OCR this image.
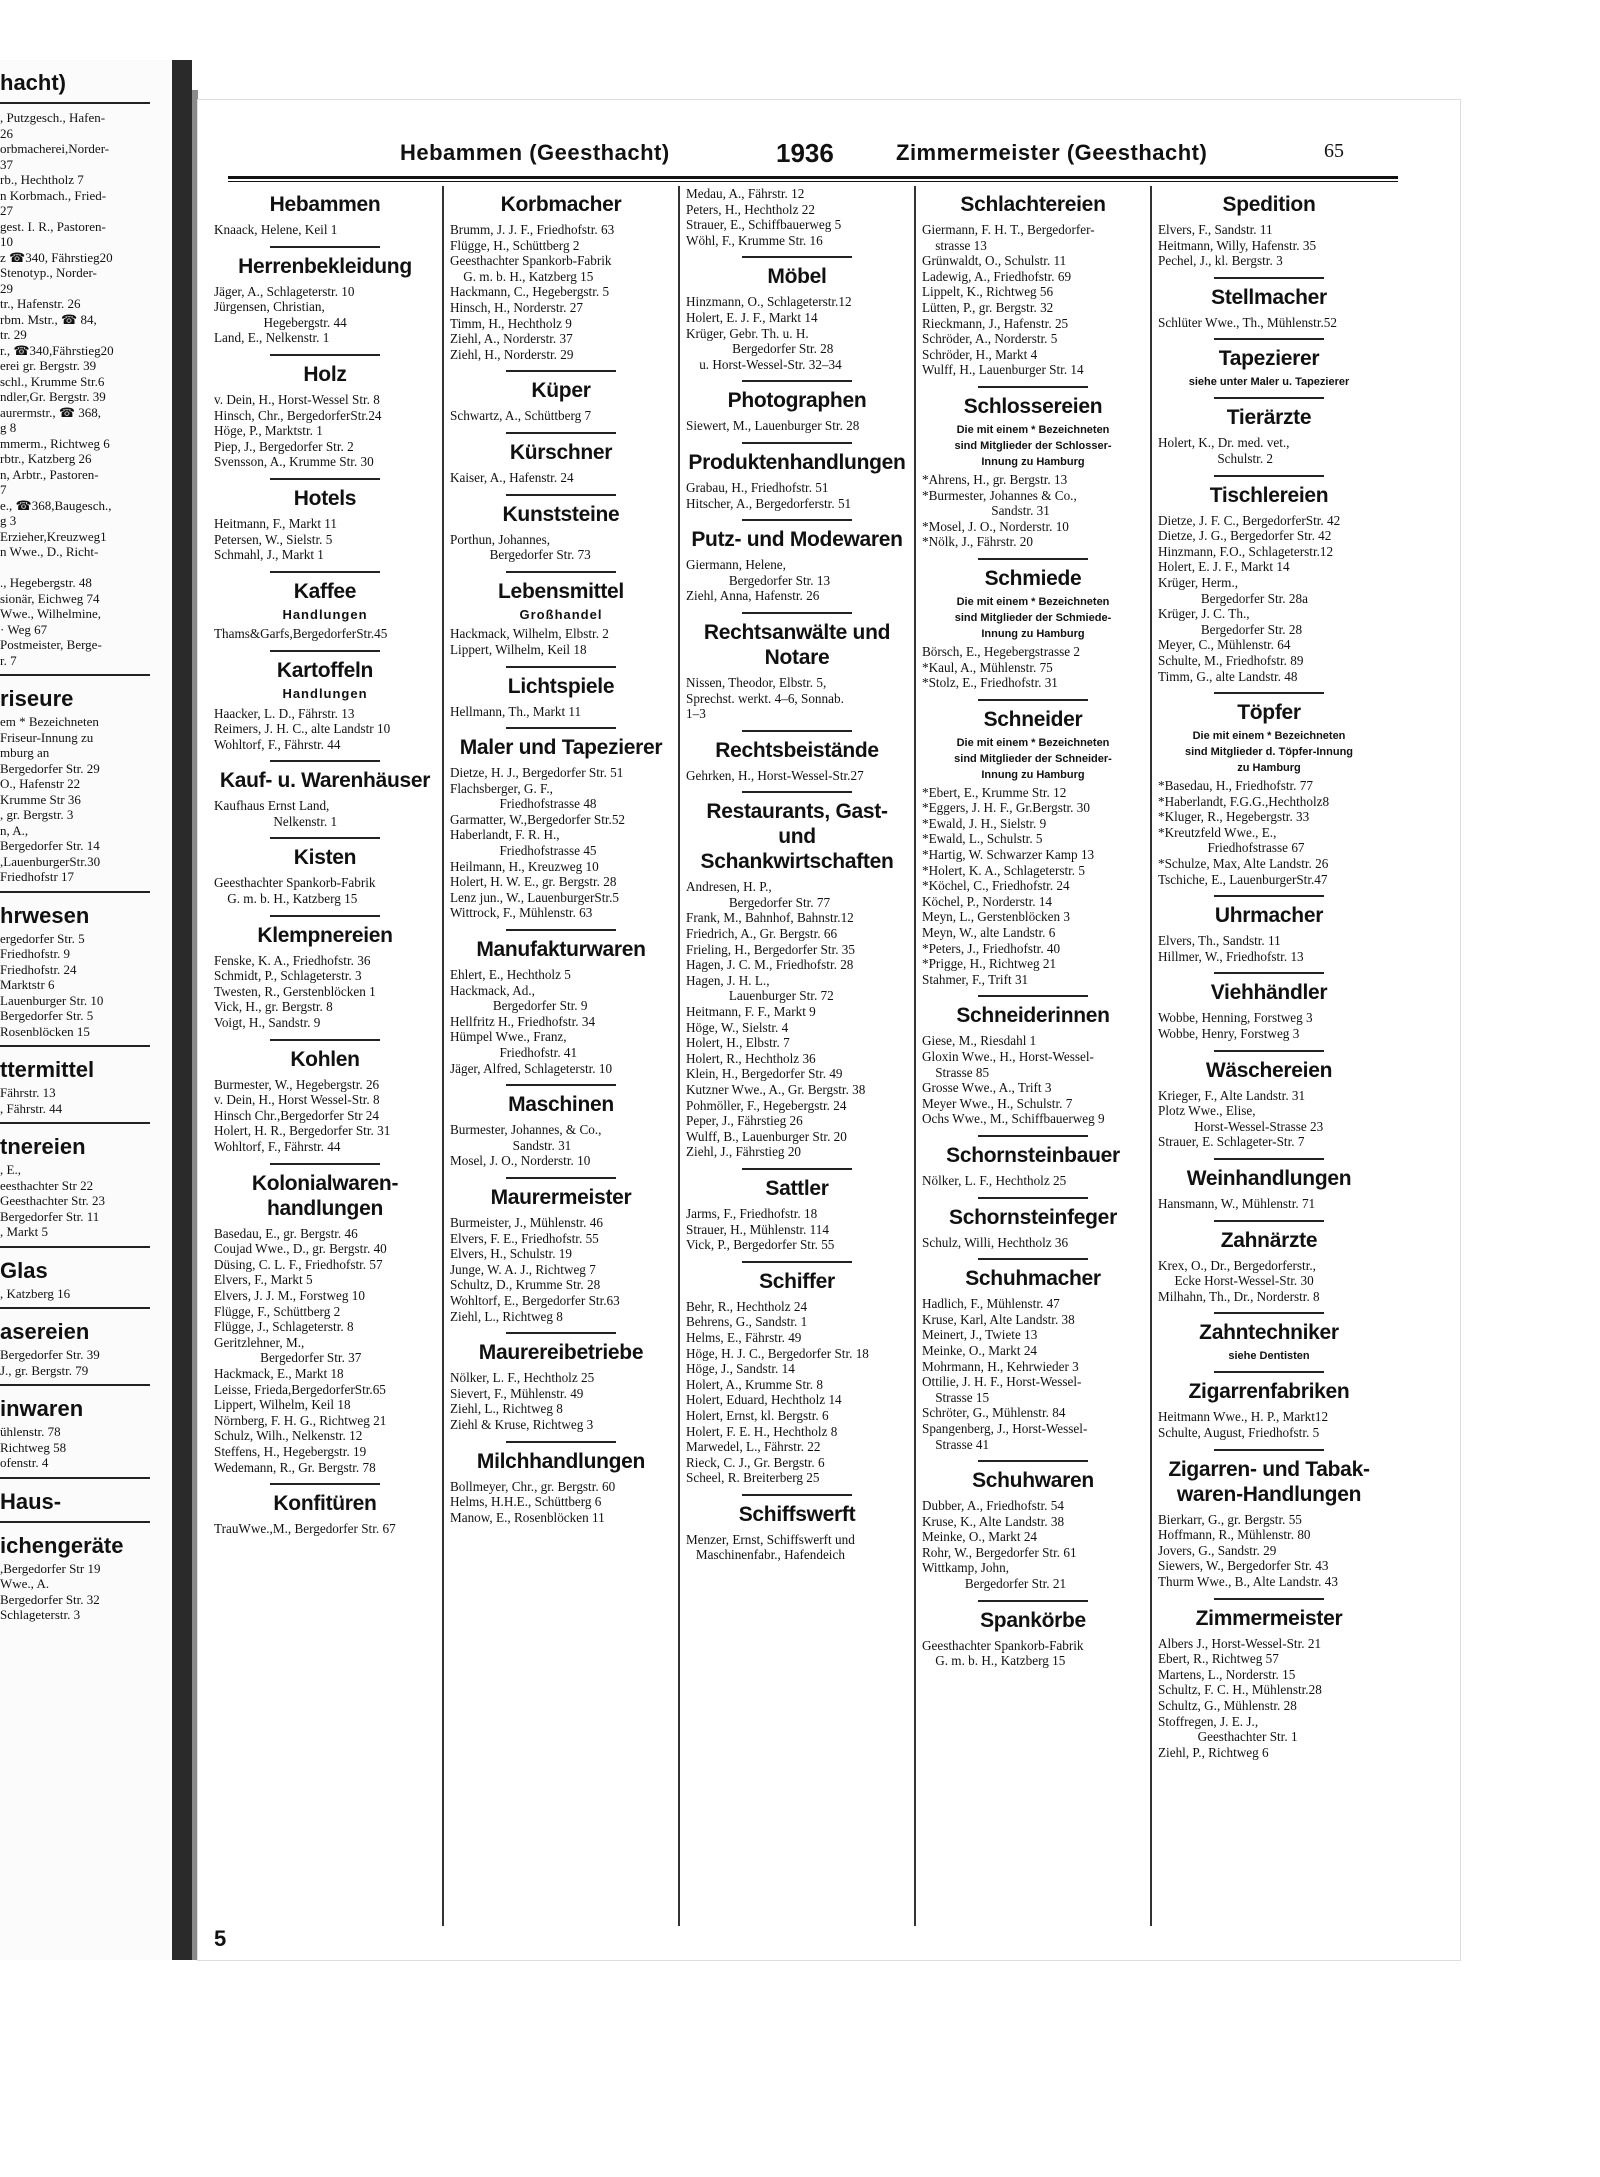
hacht)
, Putzgesch., Hafen-
26
orbmacherei,Norder-
37
rb., Hechtholz 7
n Korbmach., Fried-
27
gest. I. R., Pastoren-
10
z ☎340, Fährstieg20
Stenotyp., Norder-
29
tr., Hafenstr. 26
rbm. Mstr., ☎ 84,
tr. 29
r., ☎340,Fährstieg20
erei gr. Bergstr. 39
schl., Krumme Str.6
ndler,Gr. Bergstr. 39
aurermstr., ☎ 368,
g 8
mmerm., Richtweg 6
rbtr., Katzberg 26
n, Arbtr., Pastoren-
7
e., ☎368,Baugesch.,
g 3
Erzieher,Kreuzweg1
n Wwe., D., Richt-

., Hegebergstr. 48
sionär, Eichweg 74
Wwe., Wilhelmine,
· Weg 67
Postmeister, Berge-
r. 7
riseure
em * Bezeichneten
Friseur-Innung zu
mburg an
Bergedorfer Str. 29
O., Hafenstr 22
Krumme Str 36
, gr. Bergstr. 3
n, A.,
Bergedorfer Str. 14
,LauenburgerStr.30
Friedhofstr 17
hrwesen
ergedorfer Str. 5
Friedhofstr. 9
Friedhofstr. 24
Marktstr 6
Lauenburger Str. 10
Bergedorfer Str. 5
Rosenblöcken 15
ttermittel
Fährstr. 13
, Fährstr. 44
tnereien
, E.,
eesthachter Str 22
Geesthachter Str. 23
Bergedorfer Str. 11
, Markt 5
Glas
, Katzberg 16
asereien
Bergedorfer Str. 39
J., gr. Bergstr. 79
inwaren
ühlenstr. 78
Richtweg 58
ofenstr. 4
Haus-
ichengeräte
,Bergedorfer Str 19
Wwe., A.
Bergedorfer Str. 32
Schlageterstr. 3
Hebammen (Geesthacht)	1936	Zimmermeister (Geesthacht)	65
Hebammen
Knaack, Helene, Keil 1
Herrenbekleidung
Jäger, A., Schlageterstr. 10
Jürgensen, Christian,
Hegebergstr. 44
Land, E., Nelkenstr. 1
Holz
v. Dein, H., Horst-Wessel Str. 8
Hinsch, Chr., BergedorferStr.24
Höge, P., Marktstr. 1
Piep, J., Bergedorfer Str. 2
Svensson, A., Krumme Str. 30
Hotels
Heitmann, F., Markt 11
Petersen, W., Sielstr. 5
Schmahl, J., Markt 1
Kaffee
Handlungen
Thams&Garfs,BergedorferStr.45
Kartoffeln
Handlungen
Haacker, L. D., Fährstr. 13
Reimers, J. H. C., alte Landstr 10
Wohltorf, F., Fährstr. 44
Kauf- u. Warenhäuser
Kaufhaus Ernst Land,
Nelkenstr. 1
Kisten
Geesthachter Spankorb-Fabrik
G. m. b. H., Katzberg 15
Klempnereien
Fenske, K. A., Friedhofstr. 36
Schmidt, P., Schlageterstr. 3
Twesten, R., Gerstenblöcken 1
Vick, H., gr. Bergstr. 8
Voigt, H., Sandstr. 9
Kohlen
Burmester, W., Hegebergstr. 26
v. Dein, H., Horst Wessel-Str. 8
Hinsch Chr.,Bergedorfer Str 24
Holert, H. R., Bergedorfer Str. 31
Wohltorf, F., Fährstr. 44
Kolonialwaren-handlungen
Basedau, E., gr. Bergstr. 46
Coujad Wwe., D., gr. Bergstr. 40
Düsing, C. L. F., Friedhofstr. 57
Elvers, F., Markt 5
Elvers, J. J. M., Forstweg 10
Flügge, F., Schüttberg 2
Flügge, J., Schlageterstr. 8
Geritzlehner, M.,
Bergedorfer Str. 37
Hackmack, E., Markt 18
Leisse, Frieda,BergedorferStr.65
Lippert, Wilhelm, Keil 18
Nörnberg, F. H. G., Richtweg 21
Schulz, Wilh., Nelkenstr. 12
Steffens, H., Hegebergstr. 19
Wedemann, R., Gr. Bergstr. 78
Konfitüren
TrauWwe.,M., Bergedorfer Str. 67
Korbmacher
Brumm, J. J. F., Friedhofstr. 63
Flügge, H., Schüttberg 2
Geesthachter Spankorb-Fabrik
G. m. b. H., Katzberg 15
Hackmann, C., Hegebergstr. 5
Hinsch, H., Norderstr. 27
Timm, H., Hechtholz 9
Ziehl, A., Norderstr. 37
Ziehl, H., Norderstr. 29
Küper
Schwartz, A., Schüttberg 7
Kürschner
Kaiser, A., Hafenstr. 24
Kunststeine
Porthun, Johannes,
Bergedorfer Str. 73
Lebensmittel
Großhandel
Hackmack, Wilhelm, Elbstr. 2
Lippert, Wilhelm, Keil 18
Lichtspiele
Hellmann, Th., Markt 11
Maler und Tapezierer
Dietze, H. J., Bergedorfer Str. 51
Flachsberger, G. F.,
Friedhofstrasse 48
Garmatter, W.,Bergedorfer Str.52
Haberlandt, F. R. H.,
Friedhofstrasse 45
Heilmann, H., Kreuzweg 10
Holert, H. W. E., gr. Bergstr. 28
Lenz jun., W., LauenburgerStr.5
Wittrock, F., Mühlenstr. 63
Manufakturwaren
Ehlert, E., Hechtholz 5
Hackmack, Ad.,
Bergedorfer Str. 9
Hellfritz H., Friedhofstr. 34
Hümpel Wwe., Franz,
Friedhofstr. 41
Jäger, Alfred, Schlageterstr. 10
Maschinen
Burmester, Johannes, & Co.,
Sandstr. 31
Mosel, J. O., Norderstr. 10
Maurermeister
Burmeister, J., Mühlenstr. 46
Elvers, F. E., Friedhofstr. 55
Elvers, H., Schulstr. 19
Junge, W. A. J., Richtweg 7
Schultz, D., Krumme Str. 28
Wohltorf, E., Bergedorfer Str.63
Ziehl, L., Richtweg 8
Maurereibetriebe
Nölker, L. F., Hechtholz 25
Sievert, F., Mühlenstr. 49
Ziehl, L., Richtweg 8
Ziehl & Kruse, Richtweg 3
Milchhandlungen
Bollmeyer, Chr., gr. Bergstr. 60
Helms, H.H.E., Schüttberg 6
Manow, E., Rosenblöcken 11
Medau, A., Fährstr. 12
Peters, H., Hechtholz 22
Strauer, E., Schiffbauerweg 5
Wöhl, F., Krumme Str. 16
Möbel
Hinzmann, O., Schlageterstr.12
Holert, E. J. F., Markt 14
Krüger, Gebr. Th. u. H.
Bergedorfer Str. 28
u. Horst-Wessel-Str. 32–34
Photographen
Siewert, M., Lauenburger Str. 28
Produktenhandlungen
Grabau, H., Friedhofstr. 51
Hitscher, A., Bergedorferstr. 51
Putz- und Modewaren
Giermann, Helene,
Bergedorfer Str. 13
Ziehl, Anna, Hafenstr. 26
Rechtsanwälte und Notare
Nissen, Theodor, Elbstr. 5,
Sprechst. werkt. 4–6, Sonnab.
1–3
Rechtsbeistände
Gehrken, H., Horst-Wessel-Str.27
Restaurants, Gast- und Schankwirtschaften
Andresen, H. P.,
Bergedorfer Str. 77
Frank, M., Bahnhof, Bahnstr.12
Friedrich, A., Gr. Bergstr. 66
Frieling, H., Bergedorfer Str. 35
Hagen, J. C. M., Friedhofstr. 28
Hagen, J. H. L.,
Lauenburger Str. 72
Heitmann, F. F., Markt 9
Höge, W., Sielstr. 4
Holert, H., Elbstr. 7
Holert, R., Hechtholz 36
Klein, H., Bergedorfer Str. 49
Kutzner Wwe., A., Gr. Bergstr. 38
Pohmöller, F., Hegebergstr. 24
Peper, J., Fährstieg 26
Wulff, B., Lauenburger Str. 20
Ziehl, J., Fährstieg 20
Sattler
Jarms, F., Friedhofstr. 18
Strauer, H., Mühlenstr. 114
Vick, P., Bergedorfer Str. 55
Schiffer
Behr, R., Hechtholz 24
Behrens, G., Sandstr. 1
Helms, E., Fährstr. 49
Höge, H. J. C., Bergedorfer Str. 18
Höge, J., Sandstr. 14
Holert, A., Krumme Str. 8
Holert, Eduard, Hechtholz 14
Holert, Ernst, kl. Bergstr. 6
Holert, F. E. H., Hechtholz 8
Marwedel, L., Fährstr. 22
Rieck, C. J., Gr. Bergstr. 6
Scheel, R. Breiterberg 25
Schiffswerft
Menzer, Ernst, Schiffswerft und
Maschinenfabr., Hafendeich
Schlachtereien
Giermann, F. H. T., Bergedorfer-
strasse 13
Grünwaldt, O., Schulstr. 11
Ladewig, A., Friedhofstr. 69
Lippelt, K., Richtweg 56
Lütten, P., gr. Bergstr. 32
Rieckmann, J., Hafenstr. 25
Schröder, A., Norderstr. 5
Schröder, H., Markt 4
Wulff, H., Lauenburger Str. 14
Schlossereien
Die mit einem * Bezeichneten
sind Mitglieder der Schlosser-
Innung zu Hamburg
*Ahrens, H., gr. Bergstr. 13
*Burmester, Johannes & Co.,
Sandstr. 31
*Mosel, J. O., Norderstr. 10
*Nölk, J., Fährstr. 20
Schmiede
Die mit einem * Bezeichneten
sind Mitglieder der Schmiede-
Innung zu Hamburg
Börsch, E., Hegebergstrasse 2
*Kaul, A., Mühlenstr. 75
*Stolz, E., Friedhofstr. 31
Schneider
Die mit einem * Bezeichneten
sind Mitglieder der Schneider-
Innung zu Hamburg
*Ebert, E., Krumme Str. 12
*Eggers, J. H. F., Gr.Bergstr. 30
*Ewald, J. H., Sielstr. 9
*Ewald, L., Schulstr. 5
*Hartig, W. Schwarzer Kamp 13
*Holert, K. A., Schlageterstr. 5
*Köchel, C., Friedhofstr. 24
Köchel, P., Norderstr. 14
Meyn, L., Gerstenblöcken 3
Meyn, W., alte Landstr. 6
*Peters, J., Friedhofstr. 40
*Prigge, H., Richtweg 21
Stahmer, F., Trift 31
Schneiderinnen
Giese, M., Riesdahl 1
Gloxin Wwe., H., Horst-Wessel-
Strasse 85
Grosse Wwe., A., Trift 3
Meyer Wwe., H., Schulstr. 7
Ochs Wwe., M., Schiffbauerweg 9
Schornsteinbauer
Nölker, L. F., Hechtholz 25
Schornsteinfeger
Schulz, Willi, Hechtholz 36
Schuhmacher
Hadlich, F., Mühlenstr. 47
Kruse, Karl, Alte Landstr. 38
Meinert, J., Twiete 13
Meinke, O., Markt 24
Mohrmann, H., Kehrwieder 3
Ottilie, J. H. F., Horst-Wessel-
Strasse 15
Schröter, G., Mühlenstr. 84
Spangenberg, J., Horst-Wessel-
Strasse 41
Schuhwaren
Dubber, A., Friedhofstr. 54
Kruse, K., Alte Landstr. 38
Meinke, O., Markt 24
Rohr, W., Bergedorfer Str. 61
Wittkamp, John,
Bergedorfer Str. 21
Spankörbe
Geesthachter Spankorb-Fabrik
G. m. b. H., Katzberg 15
Spedition
Elvers, F., Sandstr. 11
Heitmann, Willy, Hafenstr. 35
Pechel, J., kl. Bergstr. 3
Stellmacher
Schlüter Wwe., Th., Mühlenstr.52
Tapezierer
siehe unter Maler u. Tapezierer
Tierärzte
Holert, K., Dr. med. vet.,
Schulstr. 2
Tischlereien
Dietze, J. F. C., BergedorferStr. 42
Dietze, J. G., Bergedorfer Str. 42
Hinzmann, F.O., Schlageterstr.12
Holert, E. J. F., Markt 14
Krüger, Herm.,
Bergedorfer Str. 28a
Krüger, J. C. Th.,
Bergedorfer Str. 28
Meyer, C., Mühlenstr. 64
Schulte, M., Friedhofstr. 89
Timm, G., alte Landstr. 48
Töpfer
Die mit einem * Bezeichneten
sind Mitglieder d. Töpfer-Innung
zu Hamburg
*Basedau, H., Friedhofstr. 77
*Haberlandt, F.G.G.,Hechtholz8
*Kluger, R., Hegebergstr. 33
*Kreutzfeld Wwe., E.,
Friedhofstrasse 67
*Schulze, Max, Alte Landstr. 26
Tschiche, E., LauenburgerStr.47
Uhrmacher
Elvers, Th., Sandstr. 11
Hillmer, W., Friedhofstr. 13
Viehhändler
Wobbe, Henning, Forstweg 3
Wobbe, Henry, Forstweg 3
Wäschereien
Krieger, F., Alte Landstr. 31
Plotz Wwe., Elise,
Horst-Wessel-Strasse 23
Strauer, E. Schlageter-Str. 7
Weinhandlungen
Hansmann, W., Mühlenstr. 71
Zahnärzte
Krex, O., Dr., Bergedorferstr.,
Ecke Horst-Wessel-Str. 30
Milhahn, Th., Dr., Norderstr. 8
Zahntechniker
siehe Dentisten
Zigarrenfabriken
Heitmann Wwe., H. P., Markt12
Schulte, August, Friedhofstr. 5
Zigarren- und Tabak-waren-Handlungen
Bierkarr, G., gr. Bergstr. 55
Hoffmann, R., Mühlenstr. 80
Jovers, G., Sandstr. 29
Siewers, W., Bergedorfer Str. 43
Thurm Wwe., B., Alte Landstr. 43
Zimmermeister
Albers J., Horst-Wessel-Str. 21
Ebert, R., Richtweg 57
Martens, L., Norderstr. 15
Schultz, F. C. H., Mühlenstr.28
Schultz, G., Mühlenstr. 28
Stoffregen, J. E. J.,
Geesthachter Str. 1
Ziehl, P., Richtweg 6
5
